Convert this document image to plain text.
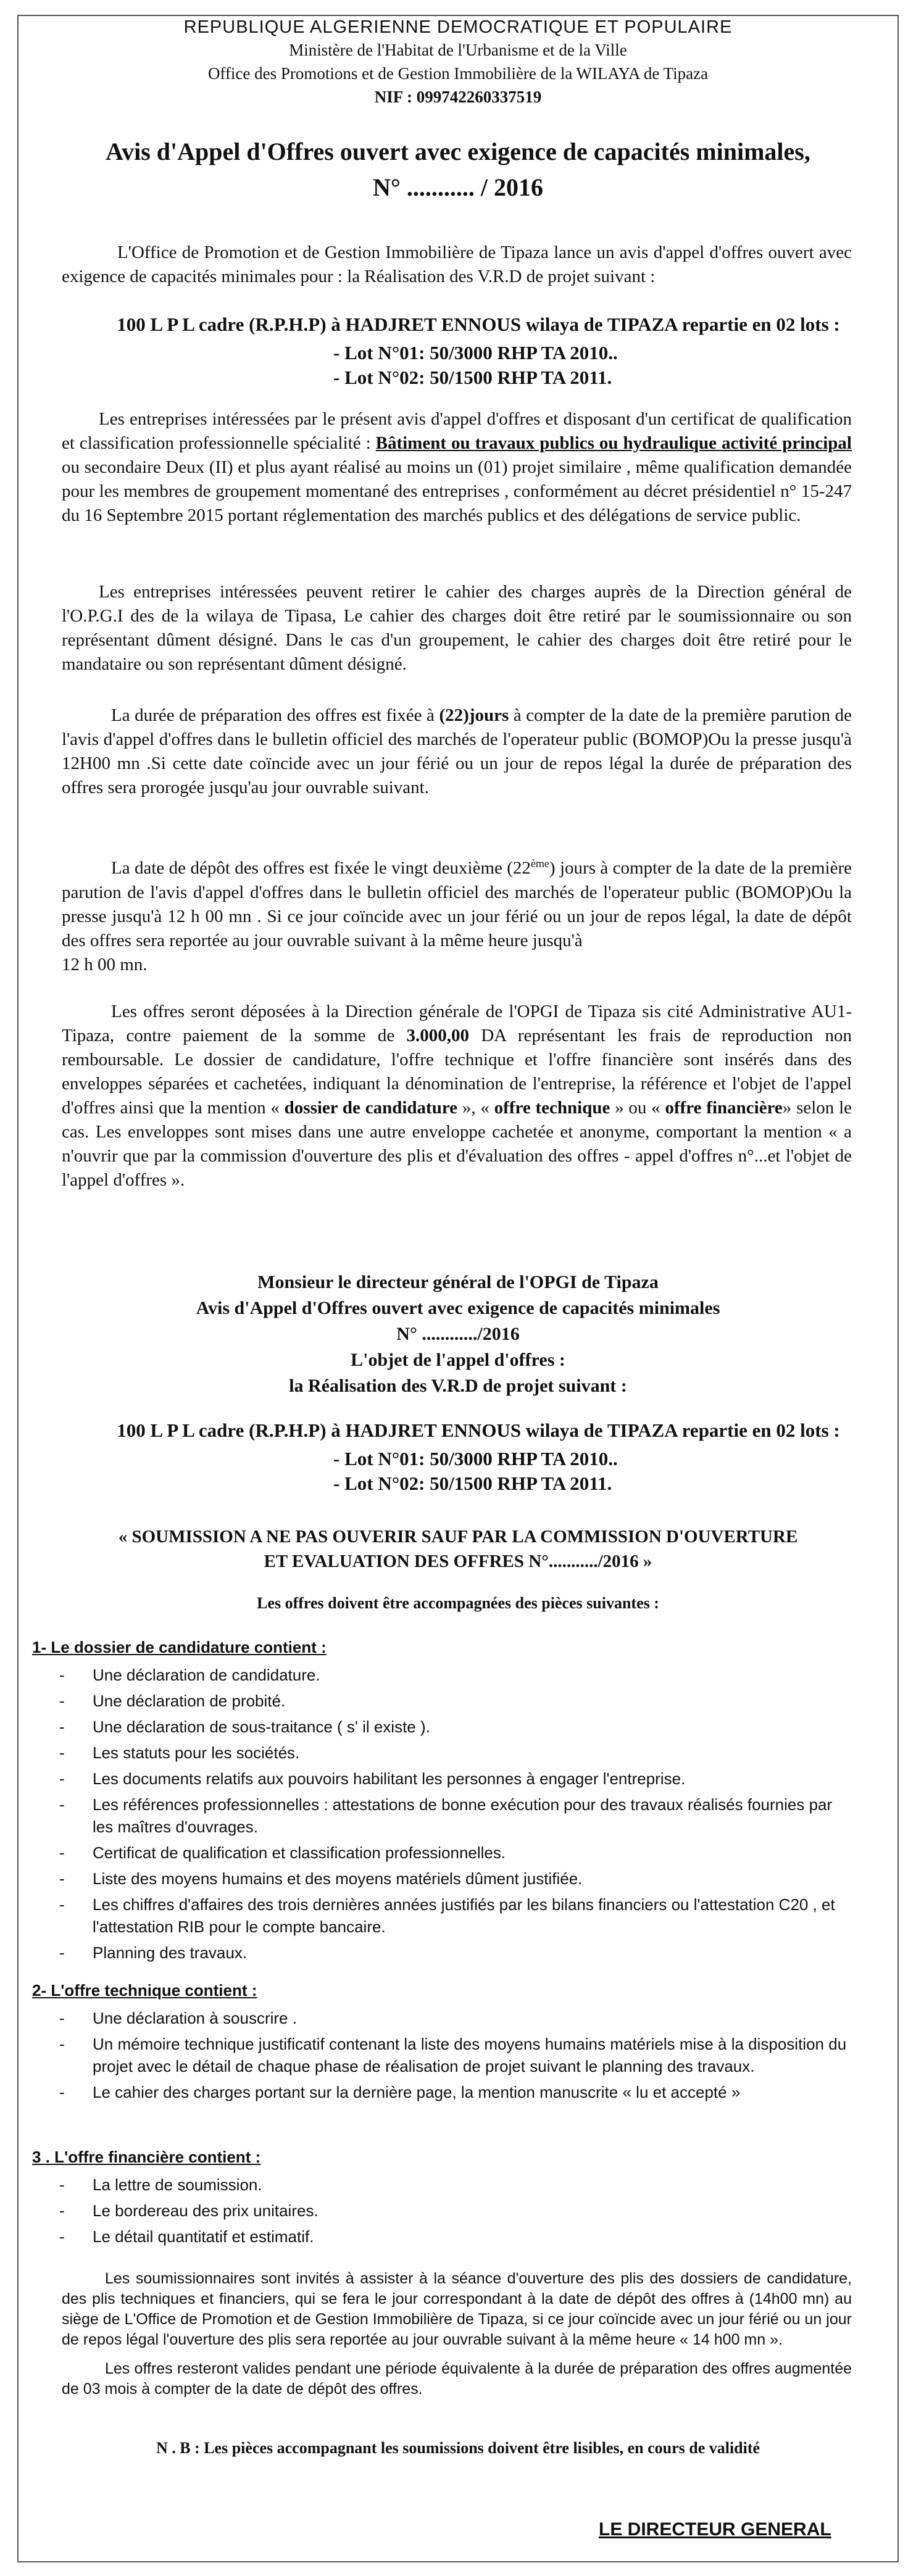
REPUBLIQUE ALGERIENNE DEMOCRATIQUE ET POPULAIRE
Ministère de l'Habitat de l'Urbanisme et de la Ville
Office des Promotions et de Gestion Immobilière de la WILAYA de Tipaza
NIF : 099742260337519
Avis d'Appel d'Offres ouvert avec exigence de capacités minimales,
N° ........... / 2016

L'Office de Promotion et de Gestion Immobilière de Tipaza lance un avis d'appel d'offres ouvert avec exigence de capacités minimales pour : la Réalisation des V.R.D de projet suivant :

100 L P L cadre (R.P.H.P) à HADJRET ENNOUS wilaya de TIPAZA repartie en 02 lots :
- Lot N°01: 50/3000 RHP TA 2010..
- Lot N°02: 50/1500 RHP TA 2011.

Les entreprises intéressées par le présent avis d'appel d'offres et disposant d'un certificat de qualification et classification professionnelle spécialité : Bâtiment ou travaux publics ou hydraulique activité principal ou secondaire Deux (II) et plus ayant réalisé au moins un (01) projet similaire , même qualification demandée pour les membres de groupement momentané des entreprises , conformément au décret présidentiel n° 15-247 du 16 Septembre 2015 portant réglementation des marchés publics et des délégations de service public.

Les entreprises intéressées peuvent retirer le cahier des charges auprès de la Direction général de l'O.P.G.I des de la wilaya de Tipasa, Le cahier des charges doit être retiré par le soumissionnaire ou son représentant dûment désigné. Dans le cas d'un groupement, le cahier des charges doit être retiré pour le mandataire ou son représentant dûment désigné.

La durée de préparation des offres est fixée à (22)jours à compter de la date de la première parution de l'avis d'appel d'offres dans le bulletin officiel des marchés de l'operateur public (BOMOP)Ou la presse jusqu'à 12H00 mn .Si cette date coïncide avec un jour férié ou un jour de repos légal la durée de préparation des offres sera prorogée jusqu'au jour ouvrable suivant.

La date de dépôt des offres est fixée le vingt deuxième (22ème) jours à compter de la date de la première parution de l'avis d'appel d'offres dans le bulletin officiel des marchés de l'operateur public (BOMOP)Ou la presse jusqu'à 12 h 00 mn . Si ce jour coïncide avec un jour férié ou un jour de repos légal, la date de dépôt des offres sera reportée au jour ouvrable suivant à la même heure jusqu'à
12 h 00 mn.

Les offres seront déposées à la Direction générale de l'OPGI de Tipaza sis cité Administrative AU1-Tipaza, contre paiement de la somme de 3.000,00 DA représentant les frais de reproduction non remboursable. Le dossier de candidature, l'offre technique et l'offre financière sont insérés dans des enveloppes séparées et cachetées, indiquant la dénomination de l'entreprise, la référence et l'objet de l'appel d'offres ainsi que la mention « dossier de candidature », « offre technique » ou « offre financière» selon le cas. Les enveloppes sont mises dans une autre enveloppe cachetée et anonyme, comportant la mention « a n'ouvrir que par la commission d'ouverture des plis et d'évaluation des offres - appel d'offres n°...et l'objet de l'appel d'offres ».

Monsieur le directeur général de l'OPGI de Tipaza
Avis d'Appel d'Offres ouvert avec exigence de capacités minimales
N° ............/2016
L'objet de l'appel d'offres :
la Réalisation des V.R.D de projet suivant :
100 L P L cadre (R.P.H.P) à HADJRET ENNOUS wilaya de TIPAZA repartie en 02 lots :
- Lot N°01: 50/3000 RHP TA 2010..
- Lot N°02: 50/1500 RHP TA 2011.
« SOUMISSION A NE PAS OUVERIR SAUF PAR LA COMMISSION D'OUVERTURE
ET EVALUATION DES OFFRES N°.........../2016 »
Les offres doivent être accompagnées des pièces suivantes :
1- Le dossier de candidature contient :
- Une déclaration de candidature.
- Une déclaration de probité.
- Une déclaration de sous-traitance ( s' il existe ).
- Les statuts pour les sociétés.
- Les documents relatifs aux pouvoirs habilitant les personnes à engager l'entreprise.
- Les références professionnelles : attestations de bonne exécution pour des travaux réalisés fournies par les maîtres d'ouvrages.
- Certificat de qualification et classification professionnelles.
- Liste des moyens humains et des moyens matériels dûment justifiée.
- Les chiffres d'affaires des trois dernières années justifiés par les bilans financiers ou l'attestation C20 , et l'attestation RIB pour le compte bancaire.
- Planning des travaux.
2- L'offre technique contient :
- Une déclaration à souscrire .
- Un mémoire technique justificatif contenant la liste des moyens humains matériels mise à la disposition du projet avec le détail de chaque phase de réalisation de projet suivant le planning des travaux.
- Le cahier des charges portant sur la dernière page, la mention manuscrite « lu et accepté »
3 . L'offre financière contient :
- La lettre de soumission.
- Le bordereau des prix unitaires.
- Le détail quantitatif et estimatif.

Les soumissionnaires sont invités à assister à la séance d'ouverture des plis des dossiers de candidature, des plis techniques et financiers, qui se fera le jour correspondant à la date de dépôt des offres à (14h00 mn) au siège de L'Office de Promotion et de Gestion Immobilière de Tipaza, si ce jour coïncide avec un jour férié ou un jour de repos légal l'ouverture des plis sera reportée au jour ouvrable suivant à la même heure « 14 h00 mn ».

Les offres resteront valides pendant une période équivalente à la durée de préparation des offres augmentée de 03 mois à compter de la date de dépôt des offres.

N . B : Les pièces accompagnant les soumissions doivent être lisibles, en cours de validité
LE DIRECTEUR GENERAL
